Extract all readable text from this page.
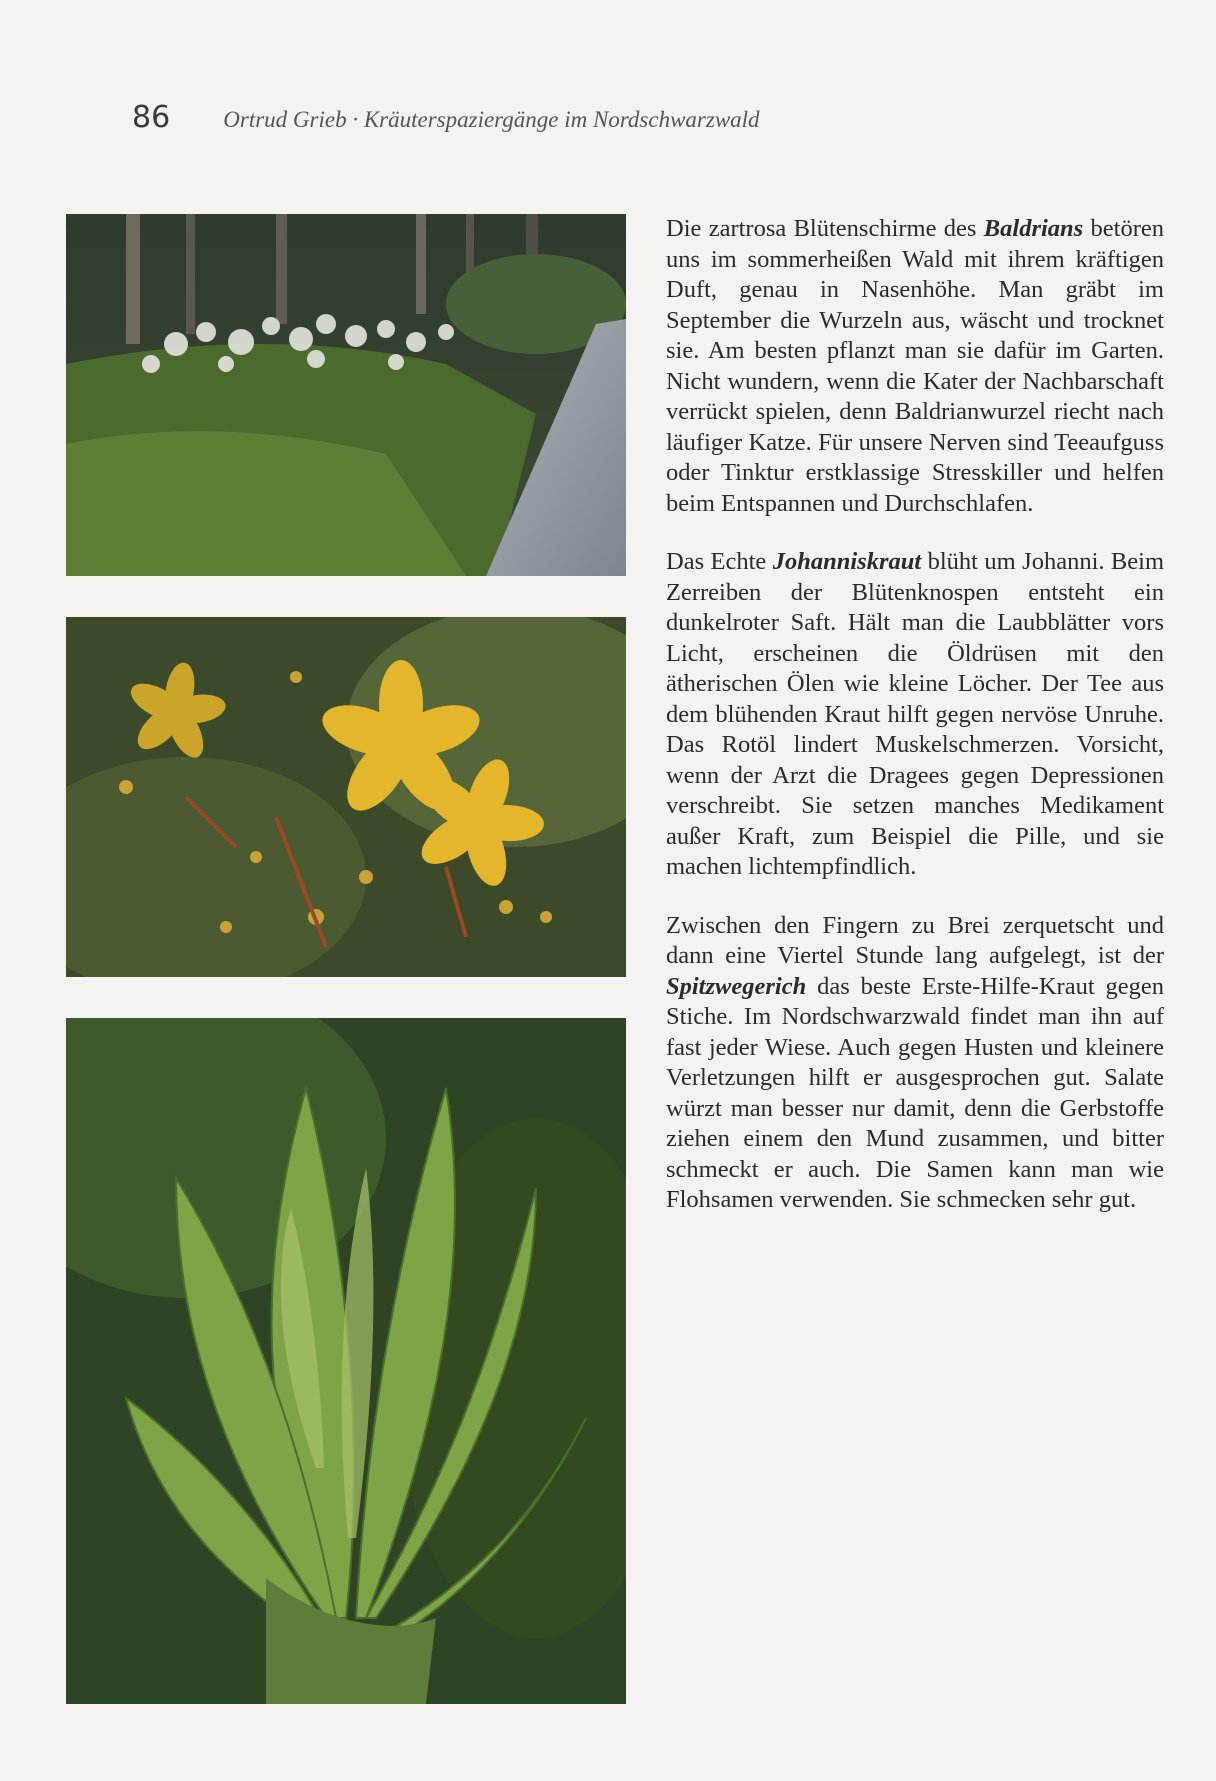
86 Ortrud Grieb · Kräuterspaziergänge im Nordschwarzwald

Die zartrosa Blütenschirme des Baldrians betören uns im sommerheißen Wald mit ihrem kräftigen Duft, genau in Nasenhöhe. Man gräbt im September die Wurzeln aus, wäscht und trocknet sie. Am besten pflanzt man sie dafür im Garten. Nicht wundern, wenn die Kater der Nachbarschaft verrückt spielen, denn Baldrianwurzel riecht nach läufiger Katze. Für unsere Nerven sind Teeaufguss oder Tinktur erstklassige Stresskiller und helfen beim Entspannen und Durchschlafen.

Das Echte Johanniskraut blüht um Johanni. Beim Zerreiben der Blütenknospen entsteht ein dunkelroter Saft. Hält man die Laubblätter vors Licht, erscheinen die Öldrüsen mit den ätherischen Ölen wie kleine Löcher. Der Tee aus dem blühenden Kraut hilft gegen nervöse Unruhe. Das Rotöl lindert Muskelschmerzen. Vorsicht, wenn der Arzt die Dragees gegen Depressionen verschreibt. Sie setzen manches Medikament außer Kraft, zum Beispiel die Pille, und sie machen lichtempfindlich.

Zwischen den Fingern zu Brei zerquetscht und dann eine Viertel Stunde lang aufgelegt, ist der Spitzwegerich das beste Erste-Hilfe-Kraut gegen Stiche. Im Nordschwarzwald findet man ihn auf fast jeder Wiese. Auch gegen Husten und kleinere Verletzungen hilft er ausgesprochen gut. Salate würzt man besser nur damit, denn die Gerbstoffe ziehen einem den Mund zusammen, und bitter schmeckt er auch. Die Samen kann man wie Flohsamen verwenden. Sie schmecken sehr gut.
